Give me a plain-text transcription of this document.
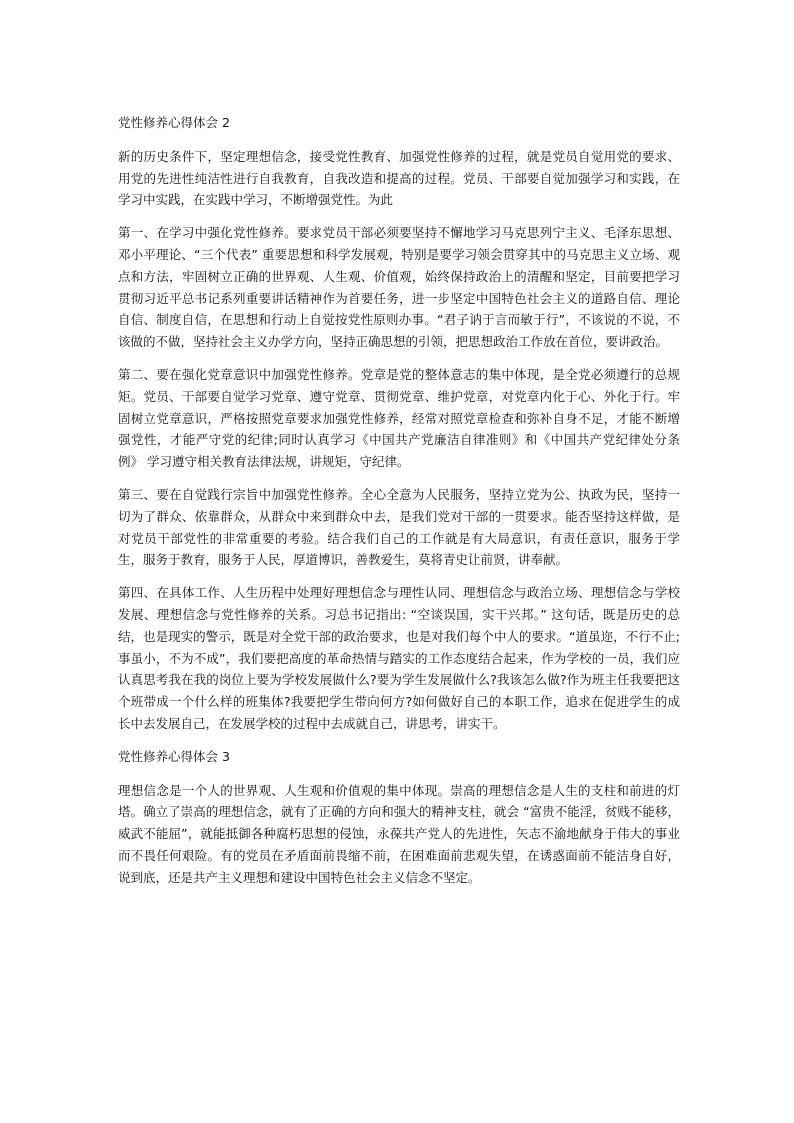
党性修养心得体会 2

新的历史条件下，坚定理想信念，接受党性教育、加强党性修养的过程，就是党员自觉用党的要求、用党的先进性纯洁性进行自我教育，自我改造和提高的过程。党员、干部要自觉加强学习和实践，在学习中实践，在实践中学习，不断增强党性。为此

第一、在学习中强化党性修养。要求党员干部必须要坚持不懈地学习马克思列宁主义、毛泽东思想、邓小平理论、“三个代表” 重要思想和科学发展观，特别是要学习领会贯穿其中的马克思主义立场、观点和方法，牢固树立正确的世界观、人生观、价值观，始终保持政治上的清醒和坚定，目前要把学习贯彻习近平总书记系列重要讲话精神作为首要任务，进一步坚定中国特色社会主义的道路自信、理论自信、制度自信，在思想和行动上自觉按党性原则办事。“君子讷于言而敏于行”，不该说的不说，不该做的不做，坚持社会主义办学方向，坚持正确思想的引领，把思想政治工作放在首位，要讲政治。

第二、要在强化党章意识中加强党性修养。党章是党的整体意志的集中体现，是全党必须遵行的总规矩。党员、干部要自觉学习党章、遵守党章、贯彻党章、维护党章，对党章内化于心、外化于行。牢固树立党章意识，严格按照党章要求加强党性修养，经常对照党章检查和弥补自身不足，才能不断增强党性，才能严守党的纪律;同时认真学习《中国共产党廉洁自律准则》和《中国共产党纪律处分条例》 学习遵守相关教育法律法规，讲规矩，守纪律。

第三、要在自觉践行宗旨中加强党性修养。全心全意为人民服务，坚持立党为公、执政为民，坚持一切为了群众、依靠群众，从群众中来到群众中去，是我们党对干部的一贯要求。能否坚持这样做，是对党员干部党性的非常重要的考验。结合我们自己的工作就是有大局意识，有责任意识，服务于学生，服务于教育，服务于人民，厚道博识，善教爱生，莫将青史让前贤，讲奉献。

第四、在具体工作、人生历程中处理好理想信念与理性认同、理想信念与政治立场、理想信念与学校发展、理想信念与党性修养的关系。习总书记指出: “空谈误国，实干兴邦。” 这句话，既是历史的总结，也是现实的警示，既是对全党干部的政治要求，也是对我们每个中人的要求。“道虽迩，不行不止;事虽小，不为不成”，我们要把高度的革命热情与踏实的工作态度结合起来，作为学校的一员，我们应认真思考我在我的岗位上要为学校发展做什么?要为学生发展做什么?我该怎么做?作为班主任我要把这个班带成一个什么样的班集体?我要把学生带向何方?如何做好自己的本职工作，追求在促进学生的成长中去发展自己，在发展学校的过程中去成就自己，讲思考，讲实干。

党性修养心得体会 3

理想信念是一个人的世界观、人生观和价值观的集中体现。崇高的理想信念是人生的支柱和前进的灯塔。确立了崇高的理想信念，就有了正确的方向和强大的精神支柱，就会 “富贵不能淫，贫贱不能移，威武不能屈”，就能抵御各种腐朽思想的侵蚀，永葆共产党人的先进性，矢志不渝地献身于伟大的事业而不畏任何艰险。有的党员在矛盾面前畏缩不前，在困难面前悲观失望，在诱惑面前不能洁身自好，说到底，还是共产主义理想和建设中国特色社会主义信念不坚定。
